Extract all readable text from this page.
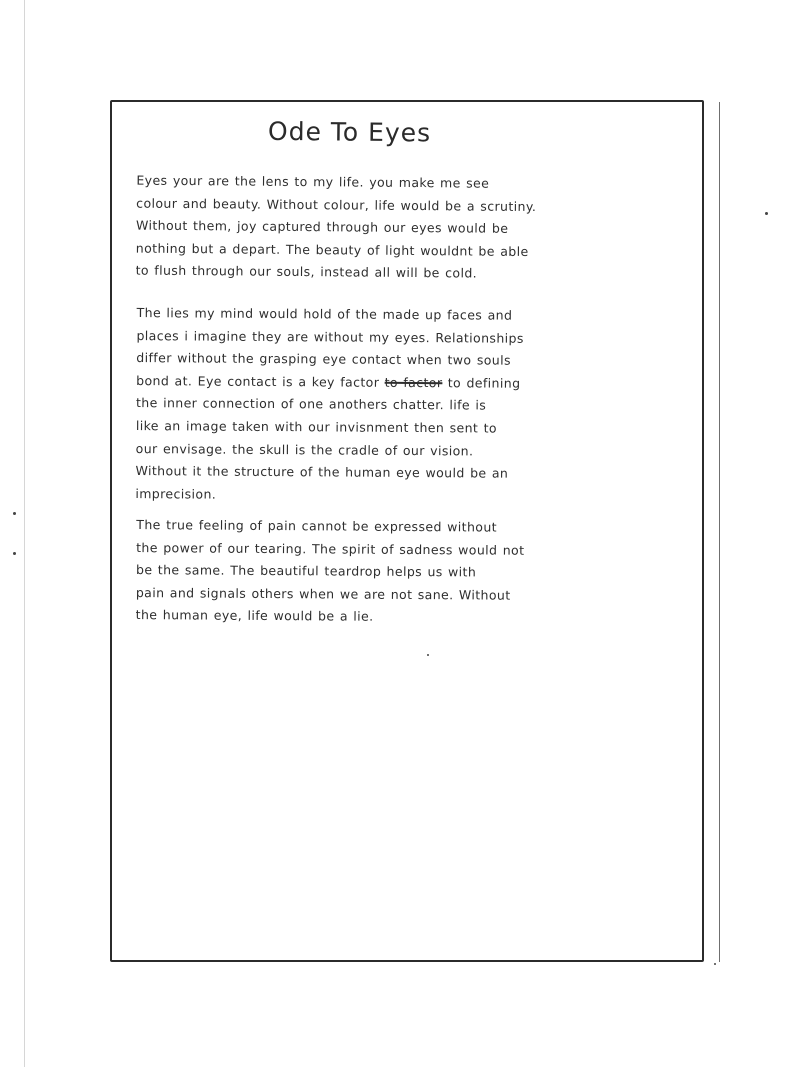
Ode To Eyes
Eyes your are the lens to my life. you make me see
colour and beauty. Without colour, life would be a scrutiny.
Without them, joy captured through our eyes would be
nothing but a depart. The beauty of light wouldnt be able
to flush through our souls, instead all will be cold.
The lies my mind would hold of the made up faces and
places i imagine they are without my eyes. Relationships
differ without the grasping eye contact when two souls
bond at. Eye contact is a key factor to factor to defining
the inner connection of one anothers chatter. life is
like an image taken with our invisnment then sent to
our envisage. the skull is the cradle of our vision.
Without it the structure of the human eye would be an
imprecision.
The true feeling of pain cannot be expressed without
the power of our tearing. The spirit of sadness would not
be the same. The beautiful teardrop helps us with
pain and signals others when we are not sane. Without
the human eye, life would be a lie.
